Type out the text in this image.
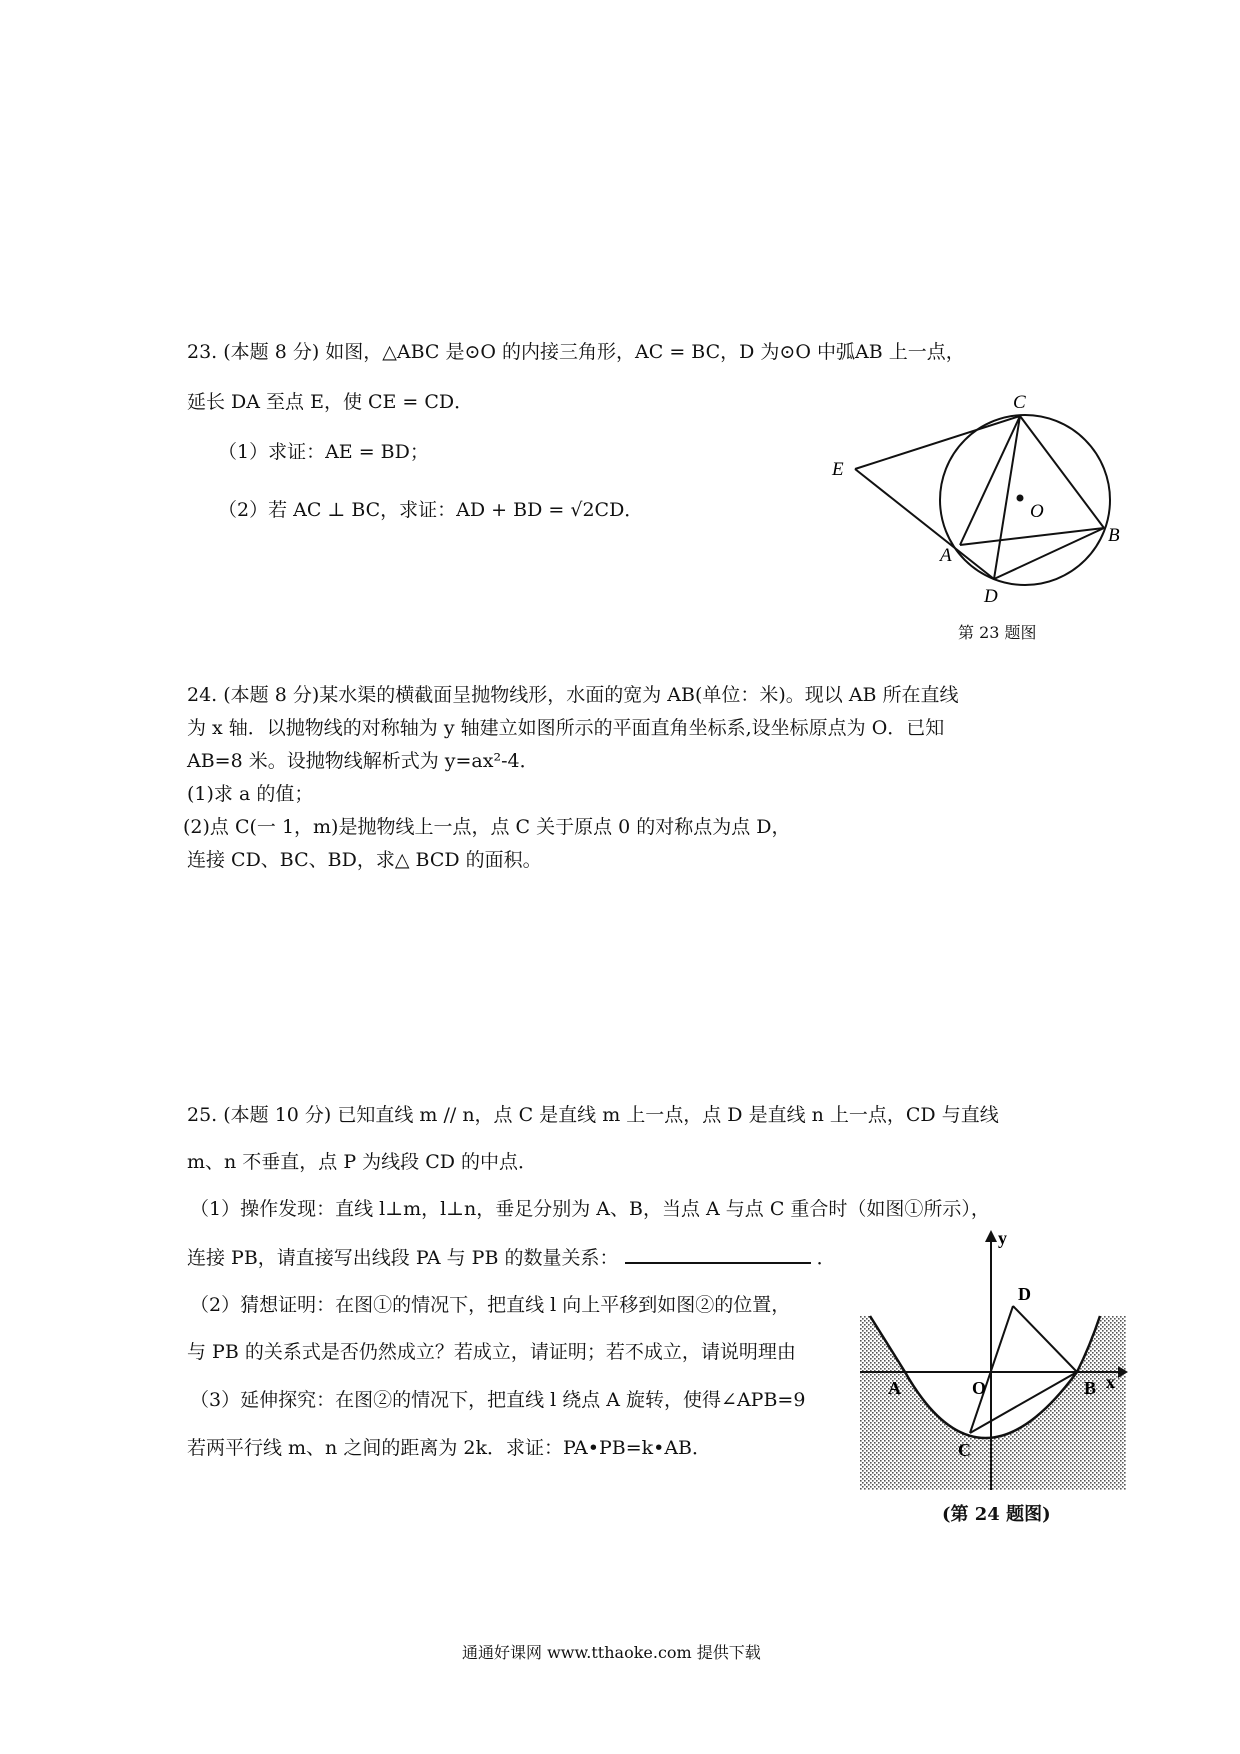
23. (本题 8 分) 如图，△ABC 是⊙O 的内接三角形，AC = BC，D 为⊙O 中弧AB 上一点，
延长 DA 至点 E，使 CE = CD．
（1）求证：AE = BD；
（2）若 AC ⊥ BC，求证：AD + BD = √2CD．
C
E
O
A
B
D
第 23 题图
24. (本题 8 分)某水渠的横截面呈抛物线形，水面的宽为 AB(单位：米)。现以 AB 所在直线
为 x 轴．以抛物线的对称轴为 y 轴建立如图所示的平面直角坐标系,设坐标原点为 O．已知
AB=8 米。设抛物线解析式为 y=ax²-4．
(1)求 a 的值；
(2)点 C(一 1，m)是抛物线上一点，点 C 关于原点 0 的对称点为点 D，
连接 CD、BC、BD，求△ BCD 的面积。
25. (本题 10 分) 已知直线 m // n，点 C 是直线 m 上一点，点 D 是直线 n 上一点，CD 与直线
m、n 不垂直，点 P 为线段 CD 的中点．
（1）操作发现：直线 l⊥m，l⊥n，垂足分别为 A、B，当点 A 与点 C 重合时（如图①所示），
连接 PB，请直接写出线段 PA 与 PB 的数量关系：	．
（2）猜想证明：在图①的情况下，把直线 l 向上平移到如图②的位置，
与 PB 的关系式是否仍然成立？若成立，请证明；若不成立，请说明理由
（3）延伸探究：在图②的情况下，把直线 l 绕点 A 旋转，使得∠APB=9
若两平行线 m、n 之间的距离为 2k．求证：PA•PB=k•AB．
y
x
D
A	O	B
C
(第 24 题图)
通通好课网 www.tthaoke.com 提供下载
